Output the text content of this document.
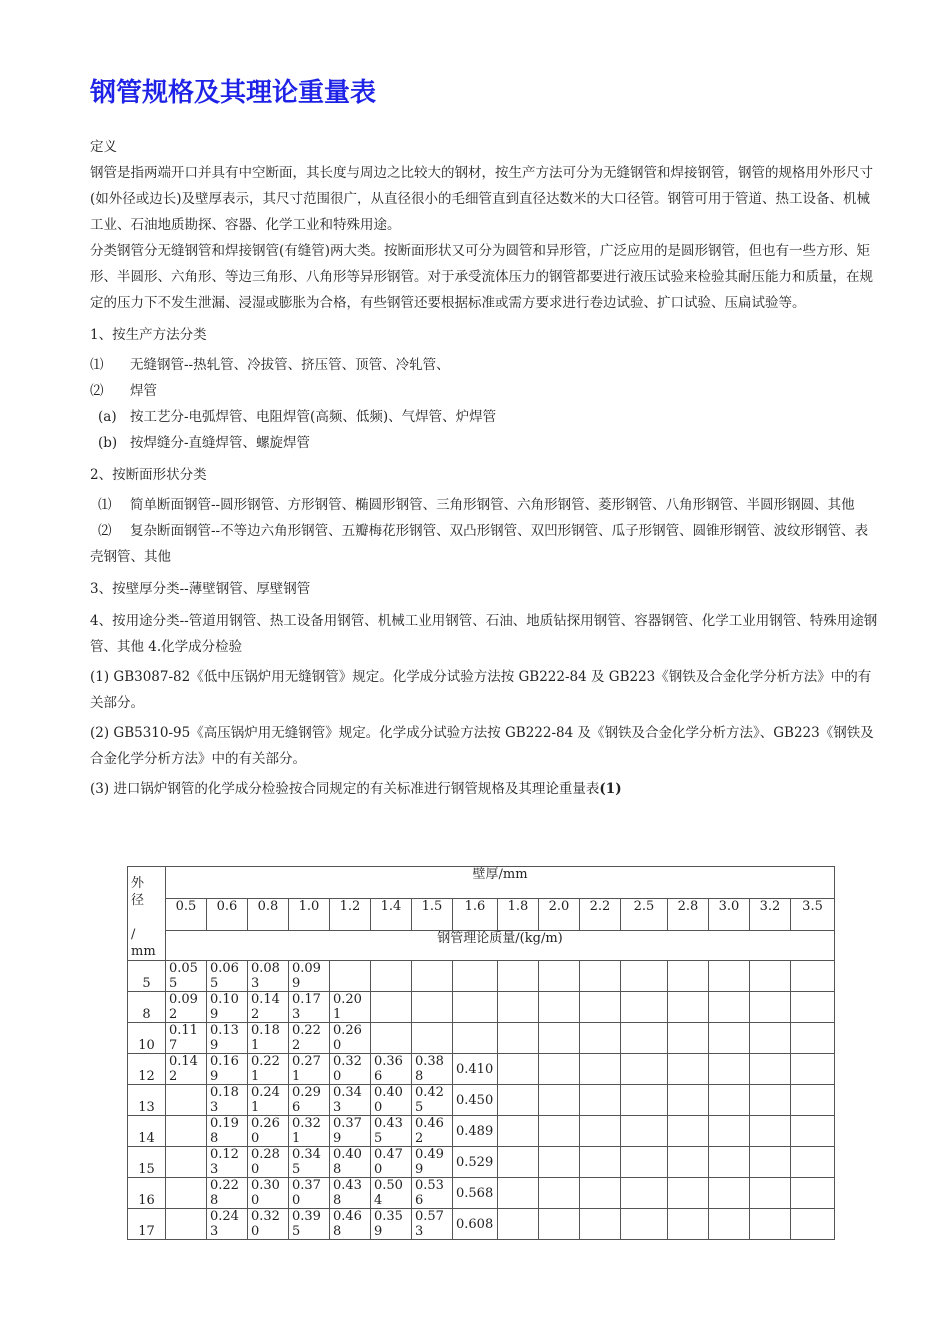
钢管规格及其理论重量表

定义

钢管是指两端开口并具有中空断面，其长度与周边之比较大的钢材，按生产方法可分为无缝钢管和焊接钢管，钢管的规格用外形尺寸(如外径或边长)及壁厚表示，其尺寸范围很广，从直径很小的毛细管直到直径达数米的大口径管。钢管可用于管道、热工设备、机械工业、石油地质勘探、容器、化学工业和特殊用途。

分类钢管分无缝钢管和焊接钢管(有缝管)两大类。按断面形状又可分为圆管和异形管，广泛应用的是圆形钢管，但也有一些方形、矩形、半圆形、六角形、等边三角形、八角形等异形钢管。对于承受流体压力的钢管都要进行液压试验来检验其耐压能力和质量，在规定的压力下不发生泄漏、浸湿或膨胀为合格，有些钢管还要根据标准或需方要求进行卷边试验、扩口试验、压扁试验等。

1、按生产方法分类

⑴ 无缝钢管--热轧管、冷拔管、挤压管、顶管、冷轧管、

⑵ 焊管

(a) 按工艺分-电弧焊管、电阻焊管(高频、低频)、气焊管、炉焊管

(b) 按焊缝分-直缝焊管、螺旋焊管

2、按断面形状分类

⑴ 简单断面钢管--圆形钢管、方形钢管、椭圆形钢管、三角形钢管、六角形钢管、菱形钢管、八角形钢管、半圆形钢圆、其他

⑵ 复杂断面钢管--不等边六角形钢管、五瓣梅花形钢管、双凸形钢管、双凹形钢管、瓜子形钢管、圆锥形钢管、波纹形钢管、表壳钢管、其他

3、按壁厚分类--薄壁钢管、厚壁钢管

4、按用途分类--管道用钢管、热工设备用钢管、机械工业用钢管、石油、地质钻探用钢管、容器钢管、化学工业用钢管、特殊用途钢管、其他 4.化学成分检验

(1) GB3087-82《低中压锅炉用无缝钢管》规定。化学成分试验方法按 GB222-84 及 GB223《钢铁及合金化学分析方法》中的有关部分。

(2) GB5310-95《高压锅炉用无缝钢管》规定。化学成分试验方法按 GB222-84 及《钢铁及合金化学分析方法》、GB223《钢铁及合金化学分析方法》中的有关部分。

(3) 进口锅炉钢管的化学成分检验按合同规定的有关标准进行钢管规格及其理论重量表(1)

外
径

/
mm	壁厚/mm															
	0.5	0.6	0.8	1.0	1.2	1.4	1.5	1.6	1.8	2.0	2.2	2.5	2.8	3.0	3.2	3.5
	钢管理论质量/(kg/m)															
5	0.055	0.065	0.083	0.099												
8	0.092	0.109	0.142	0.173	0.201											
10	0.117	0.139	0.181	0.222	0.260											
12	0.142	0.169	0.221	0.271	0.320	0.366	0.388	0.410								
13		0.183	0.241	0.296	0.343	0.400	0.425	0.450								
14		0.198	0.260	0.321	0.379	0.435	0.462	0.489								
15		0.123	0.280	0.345	0.408	0.470	0.499	0.529								
16		0.228	0.300	0.370	0.438	0.504	0.536	0.568								
17		0.243	0.320	0.395	0.468	0.359	0.573	0.608								
